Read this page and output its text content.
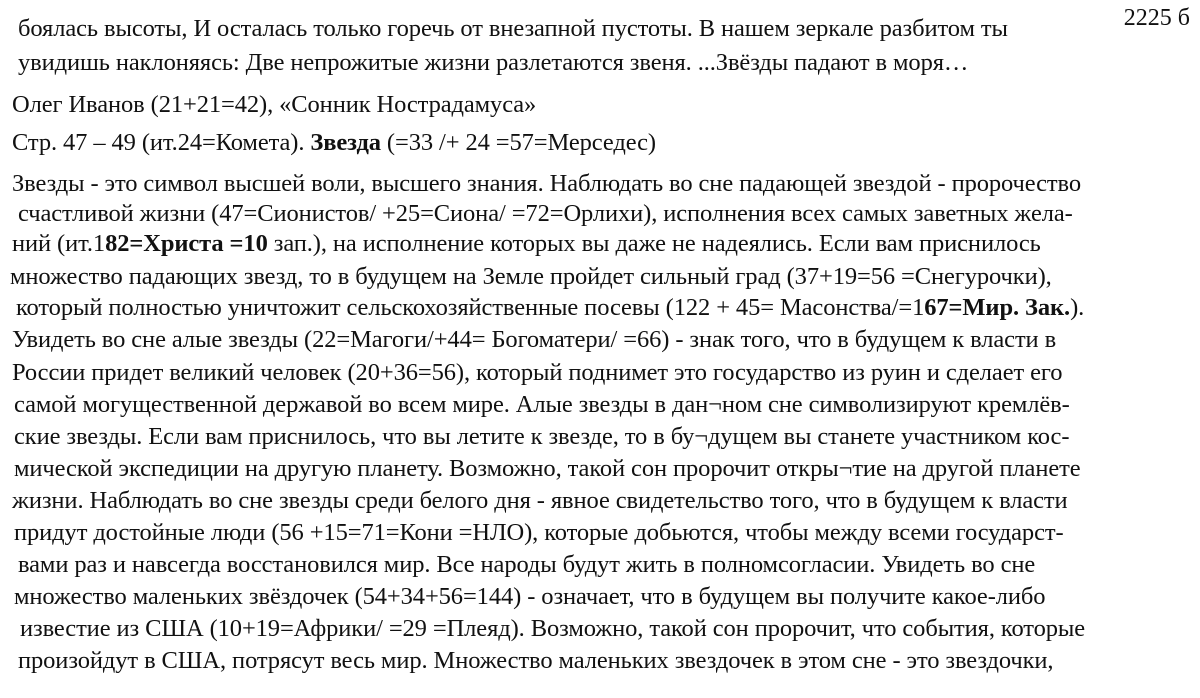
2225 б
боялась высоты, И осталась только горечь от внезапной пустоты. В нашем зеркале разбитом ты
увидишь наклоняясь: Две непрожитые жизни разлетаются звеня. ...Звёзды падают в моря…
Олег Иванов (21+21=42), «Сонник Нострадамуса»
Стр. 47 – 49 (ит.24=Комета). Звезда (=33 /+ 24 =57=Мерседес)
Звезды - это символ высшей воли, высшего знания. Наблюдать во сне падающей звездой - пророчество
счастливой жизни (47=Сионистов/ +25=Сиона/ =72=Орлихи), исполнения всех самых заветных жела-
ний (ит.182=Христа =10 зап.), на исполнение которых вы даже не надеялись. Если вам приснилось
множество падающих звезд, то в будущем на Земле пройдет сильный град (37+19=56 =Снегурочки),
который полностью уничтожит сельскохозяйственные посевы (122 + 45= Масонства/=167=Мир. Зак.).
Увидеть во сне алые звезды (22=Магоги/+44= Богоматери/ =66) - знак того, что в будущем к власти в
России придет великий человек (20+36=56), который поднимет это государство из руин и сделает его
самой могущественной державой во всем мире. Алые звезды в дан¬ном сне символизируют кремлёв-
ские звезды. Если вам приснилось, что вы летите к звезде, то в бу¬дущем вы станете участником кос-
мической экспедиции на другую планету. Возможно, такой сон пророчит откры¬тие на другой планете
жизни. Наблюдать во сне звезды среди белого дня - явное свидетельство того, что в будущем к власти
придут достойные люди (56 +15=71=Кони =НЛО), которые добьются, чтобы между всеми государст-
вами раз и навсегда восстановился мир. Все народы будут жить в полномсогласии. Увидеть во сне
множество маленьких звёздочек (54+34+56=144) - означает, что в будущем вы получите какое-либо
известие из США (10+19=Африки/ =29 =Плеяд). Возможно, такой сон пророчит, что события, которые
произойдут в США, потрясут весь мир. Множество маленьких звездочек в этом сне - это звездочки,
